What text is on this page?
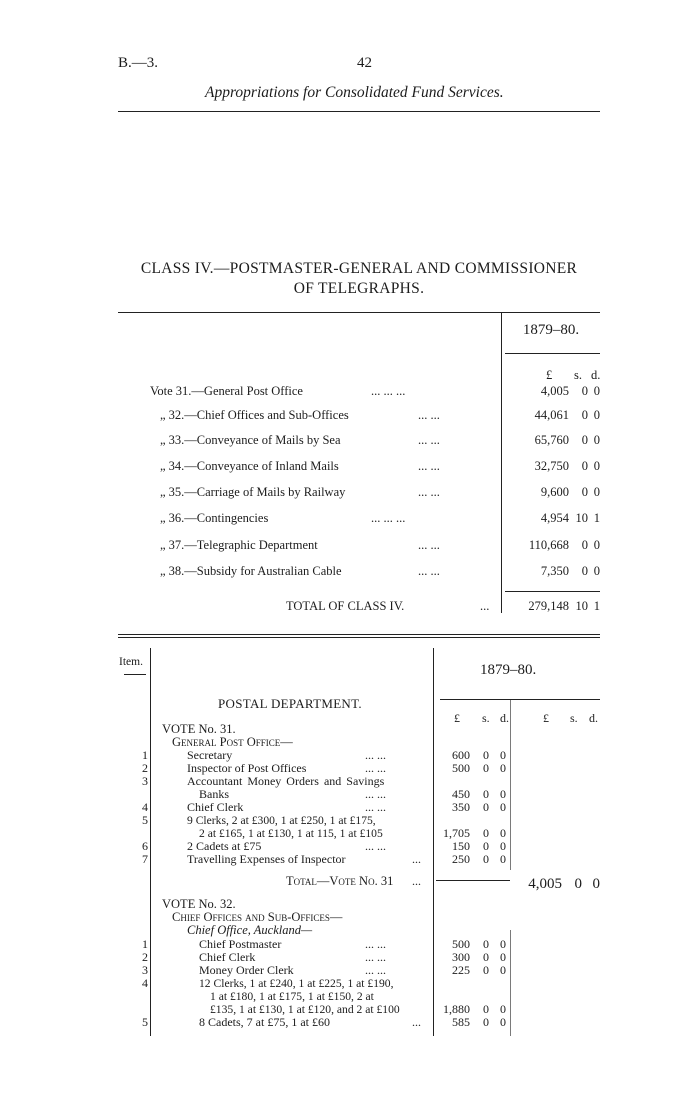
B.—3.	42
Appropriations for Consolidated Fund Services.
CLASS IV.—POSTMASTER-GENERAL AND COMMISSIONER
OF TELEGRAPHS.
1879–80.
£ s. d.
Vote 31.—General Post Office	... ... ...	4,005	0 0
„ 32.—Chief Offices and Sub-Offices	... ...	44,061	0 0
„ 33.—Conveyance of Mails by Sea	... ...	65,760	0 0
„ 34.—Conveyance of Inland Mails	... ...	32,750	0 0
„ 35.—Carriage of Mails by Railway	... ...	9,600	0 0
„ 36.—Contingencies	... ... ...	4,954 10 1
„ 37.—Telegraphic Department	... ...	110,668	0 0
„ 38.—Subsidy for Australian Cable	... ...	7,350	0 0
TOTAL OF CLASS IV.	...	279,148 10 1
Item.	1879–80.
POSTAL DEPARTMENT.
£ s. d.	£ s. d.
VOTE No. 31.
General Post Office—
1	Secretary	... ...	600	0 0
2	Inspector of Post Offices	... ...	500	0 0
3	Accountant Money Orders and Savings
Banks	... ...	450	0 0
4	Chief Clerk	... ...	350	0 0
5	9 Clerks, 2 at £300, 1 at £250, 1 at £175,
2 at £165, 1 at £130, 1 at 115, 1 at £105	1,705	0 0
6	2 Cadets at £75	... ...	150	0 0
7	Travelling Expenses of Inspector	...	250	0 0
Total—Vote No. 31 ...	4,005 0 0
VOTE No. 32.
Chief Offices and Sub-Offices—
Chief Office, Auckland—
1	Chief Postmaster	... ...	500	0 0
2	Chief Clerk	... ...	300	0 0
3	Money Order Clerk	... ...	225	0 0
4	12 Clerks, 1 at £240, 1 at £225, 1 at £190,
1 at £180, 1 at £175, 1 at £150, 2 at
£135, 1 at £130, 1 at £120, and 2 at £100	1,880	0 0
5	8 Cadets, 7 at £75, 1 at £60	...	585	0 0
